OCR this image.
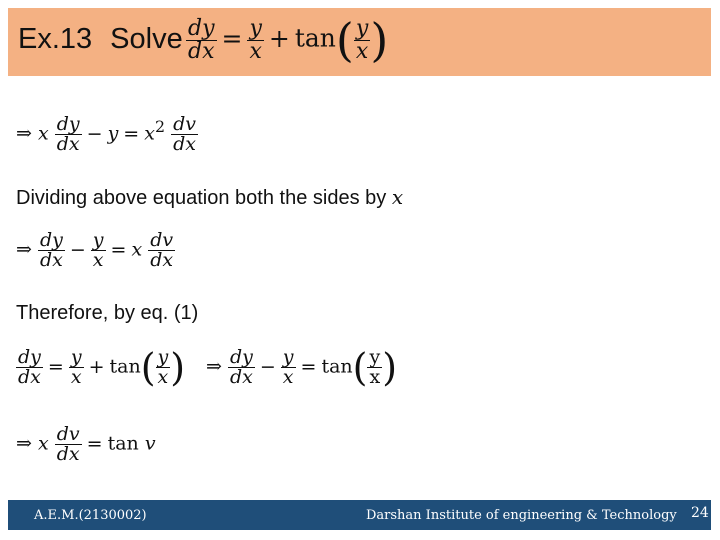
Ex.13 Solve $\frac{dy}{dx} = \frac{y}{x} + \tan( \frac{y}{x}$ )
⇒ x $\frac{dy}{dx} - y = x^2 \frac{dv}{dx}$
Dividing above equation both the sides by x
⇒ $\frac{dy}{dx} - \frac{y}{x} = x \frac{dv}{dx}$
Therefore, by eq. (1)
$\frac{dy}{dx} = \frac{y}{x} + \tan( \frac{y}{x}$ ) ⇒ $\frac{dy}{dx} - \frac{y}{x} = \tan( \frac{y}{x}$ )
⇒ x $\frac{dv}{dx} = \tan v$
A.E.M.(2130002)	Darshan Institute of engineering & Technology 24
